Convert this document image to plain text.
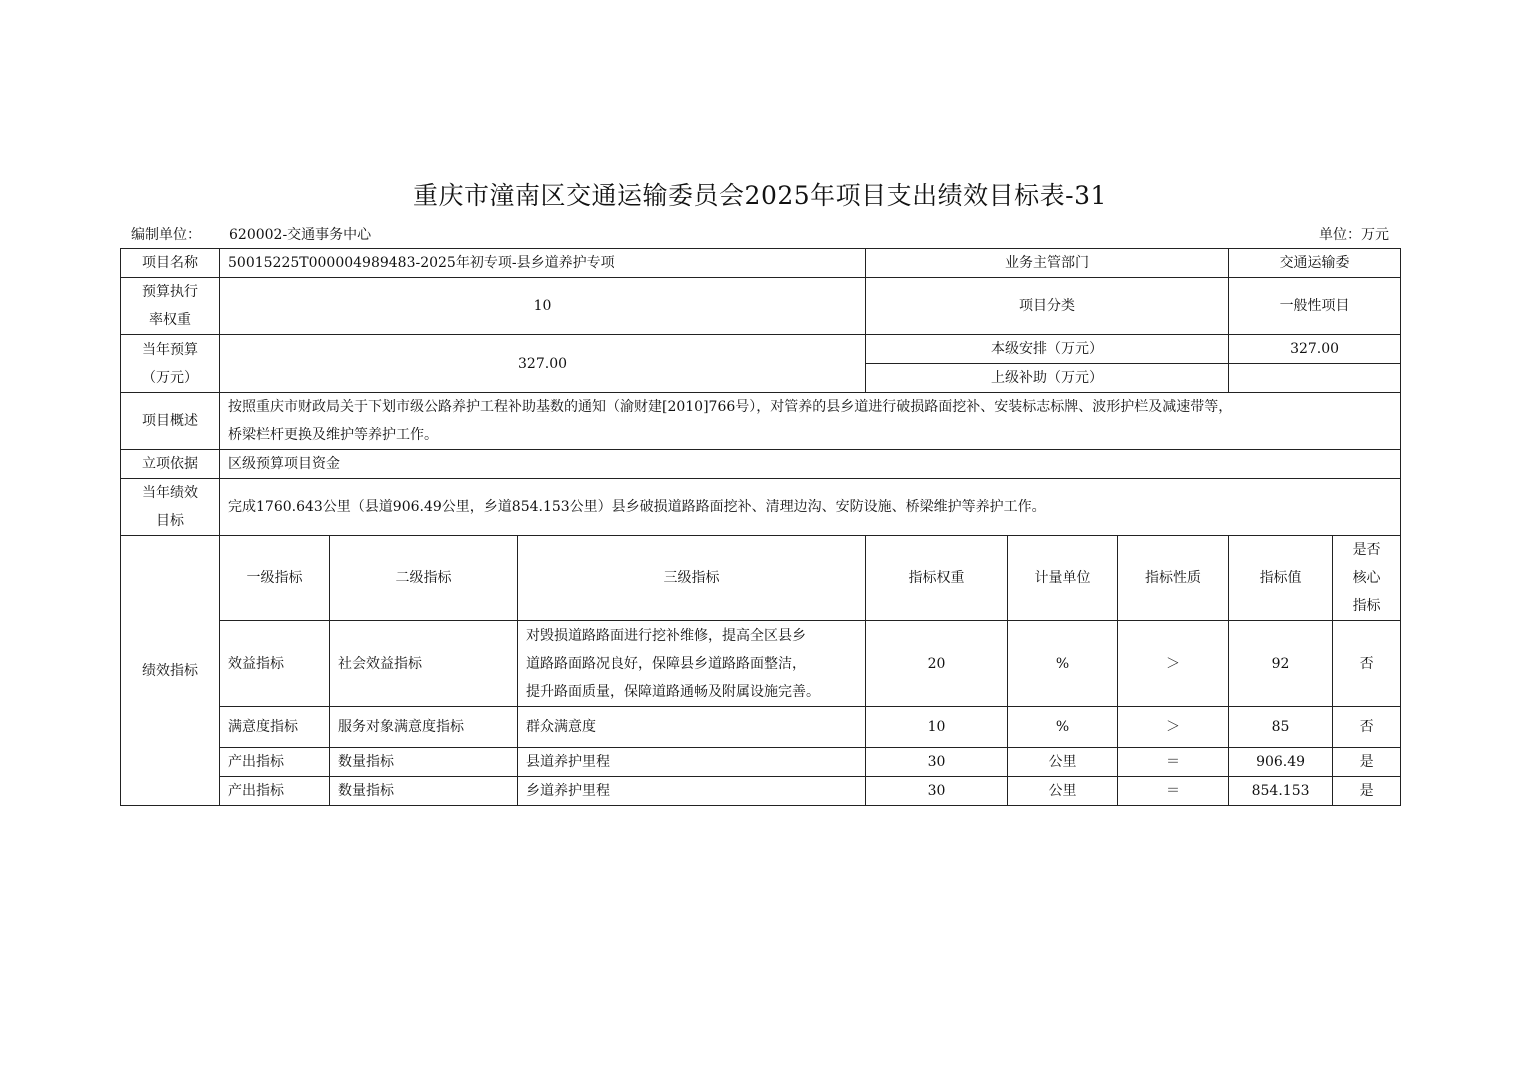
重庆市潼南区交通运输委员会2025年项目支出绩效目标表-31
编制单位： 620002-交通事务中心	单位：万元
项目名称	50015225T000004989483-2025年初专项-县乡道养护专项			业务主管部门			交通运输委	

预算执行
率权重	10			项目分类			一般性项目	

当年预算
（万元）	327.00			本级安排（万元）			327.00	
				上级补助（万元）				
项目概述	按照重庆市财政局关于下划市级公路养护工程补助基数的通知（渝财建[2010]766号），对管养的县乡道进行破损路面挖补、安装标志标牌、波形护栏及减速带等，
桥梁栏杆更换及维护等养护工作。							

立项依据	区级预算项目资金							

当年绩效
目标	完成1760.643公里（县道906.49公里，乡道854.153公里）县乡破损道路路面挖补、清理边沟、安防设施、桥梁维护等养护工作。							
绩效指标	一级指标	二级指标	三级指标	指标权重	计量单位	指标性质	指标值	是否
核心
指标

	效益指标	社会效益指标	对毁损道路路面进行挖补维修，提高全区县乡
道路路面路况良好，保障县乡道路路面整洁，
提升路面质量，保障道路通畅及附属设施完善。	20	%	＞	92	否
	满意度指标	服务对象满意度指标	群众满意度	10	%	＞	85	否
	产出指标	数量指标	县道养护里程	30	公里	＝	906.49	是
	产出指标	数量指标	乡道养护里程	30	公里	＝	854.153	是
